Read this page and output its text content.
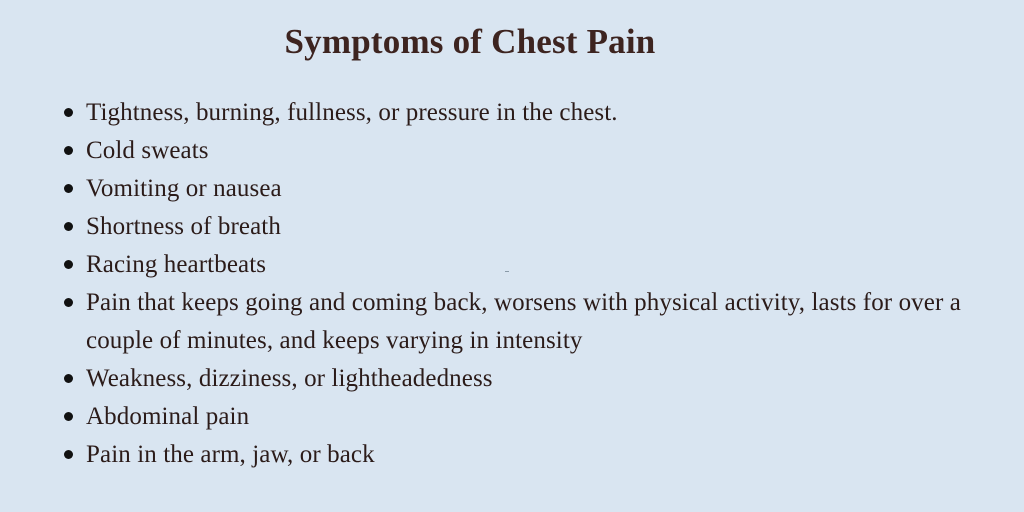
Symptoms of Chest Pain
Tightness, burning, fullness, or pressure in the chest.
Cold sweats
Vomiting or nausea
Shortness of breath
Racing heartbeats
Pain that keeps going and coming back, worsens with physical activity, lasts for over a couple of minutes, and keeps varying in intensity
Weakness, dizziness, or lightheadedness
Abdominal pain
Pain in the arm, jaw, or back
